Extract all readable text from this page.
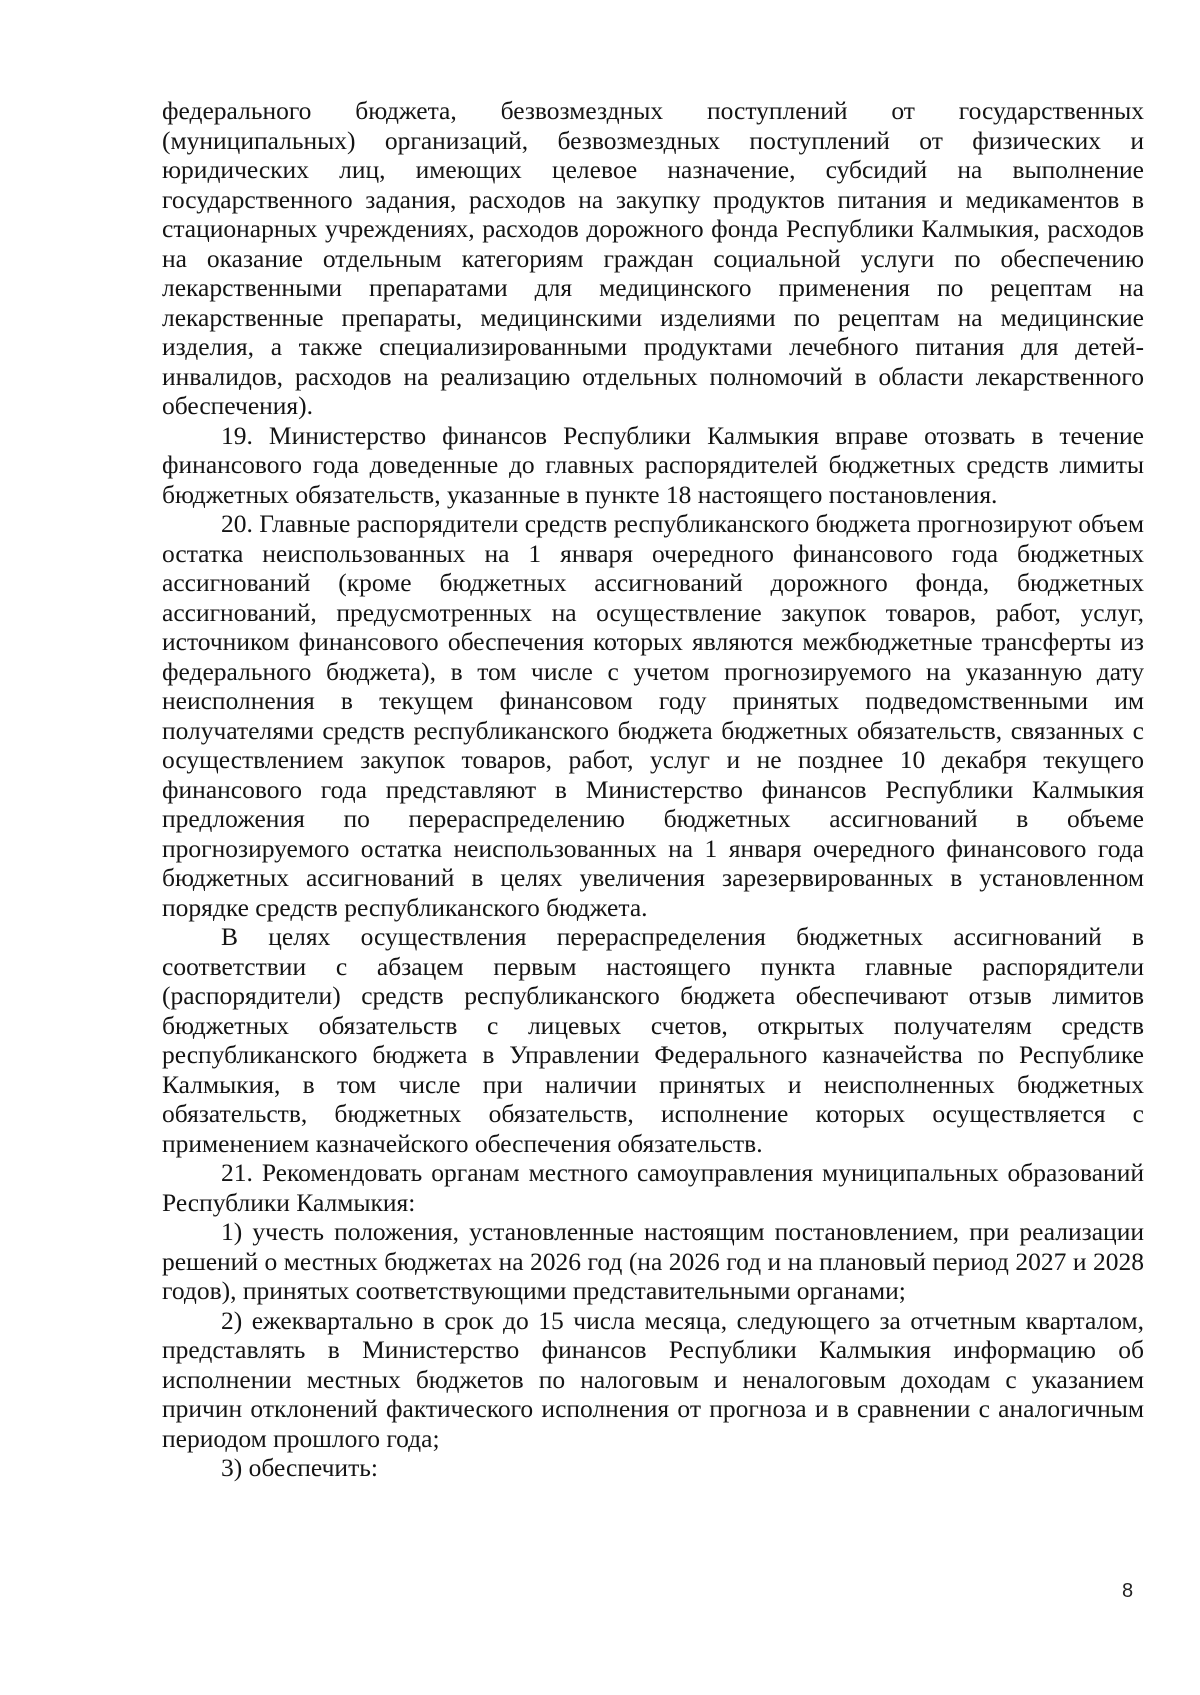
федерального бюджета, безвозмездных поступлений от государственных (муниципальных) организаций, безвозмездных поступлений от физических и юридических лиц, имеющих целевое назначение, субсидий на выполнение государственного задания, расходов на закупку продуктов питания и медикаментов в стационарных учреждениях, расходов дорожного фонда Республики Калмыкия, расходов на оказание отдельным категориям граждан социальной услуги по обеспечению лекарственными препаратами для медицинского применения по рецептам на лекарственные препараты, медицинскими изделиями по рецептам на медицинские изделия, а также специализированными продуктами лечебного питания для детей-инвалидов, расходов на реализацию отдельных полномочий в области лекарственного обеспечения).

19. Министерство финансов Республики Калмыкия вправе отозвать в течение финансового года доведенные до главных распорядителей бюджетных средств лимиты бюджетных обязательств, указанные в пункте 18 настоящего постановления.

20. Главные распорядители средств республиканского бюджета прогнозируют объем остатка неиспользованных на 1 января очередного финансового года бюджетных ассигнований (кроме бюджетных ассигнований дорожного фонда, бюджетных ассигнований, предусмотренных на осуществление закупок товаров, работ, услуг, источником финансового обеспечения которых являются межбюджетные трансферты из федерального бюджета), в том числе с учетом прогнозируемого на указанную дату неисполнения в текущем финансовом году принятых подведомственными им получателями средств республиканского бюджета бюджетных обязательств, связанных с осуществлением закупок товаров, работ, услуг и не позднее 10 декабря текущего финансового года представляют в Министерство финансов Республики Калмыкия предложения по перераспределению бюджетных ассигнований в объеме прогнозируемого остатка неиспользованных на 1 января очередного финансового года бюджетных ассигнований в целях увеличения зарезервированных в установленном порядке средств республиканского бюджета.

В целях осуществления перераспределения бюджетных ассигнований в соответствии с абзацем первым настоящего пункта главные распорядители (распорядители) средств республиканского бюджета обеспечивают отзыв лимитов бюджетных обязательств с лицевых счетов, открытых получателям средств республиканского бюджета в Управлении Федерального казначейства по Республике Калмыкия, в том числе при наличии принятых и неисполненных бюджетных обязательств, бюджетных обязательств, исполнение которых осуществляется с применением казначейского обеспечения обязательств.

21. Рекомендовать органам местного самоуправления муниципальных образований Республики Калмыкия:

1) учесть положения, установленные настоящим постановлением, при реализации решений о местных бюджетах на 2026 год (на 2026 год и на плановый период 2027 и 2028 годов), принятых соответствующими представительными органами;

2) ежеквартально в срок до 15 числа месяца, следующего за отчетным кварталом, представлять в Министерство финансов Республики Калмыкия информацию об исполнении местных бюджетов по налоговым и неналоговым доходам с указанием причин отклонений фактического исполнения от прогноза и в сравнении с аналогичным периодом прошлого года;

3) обеспечить:

8
